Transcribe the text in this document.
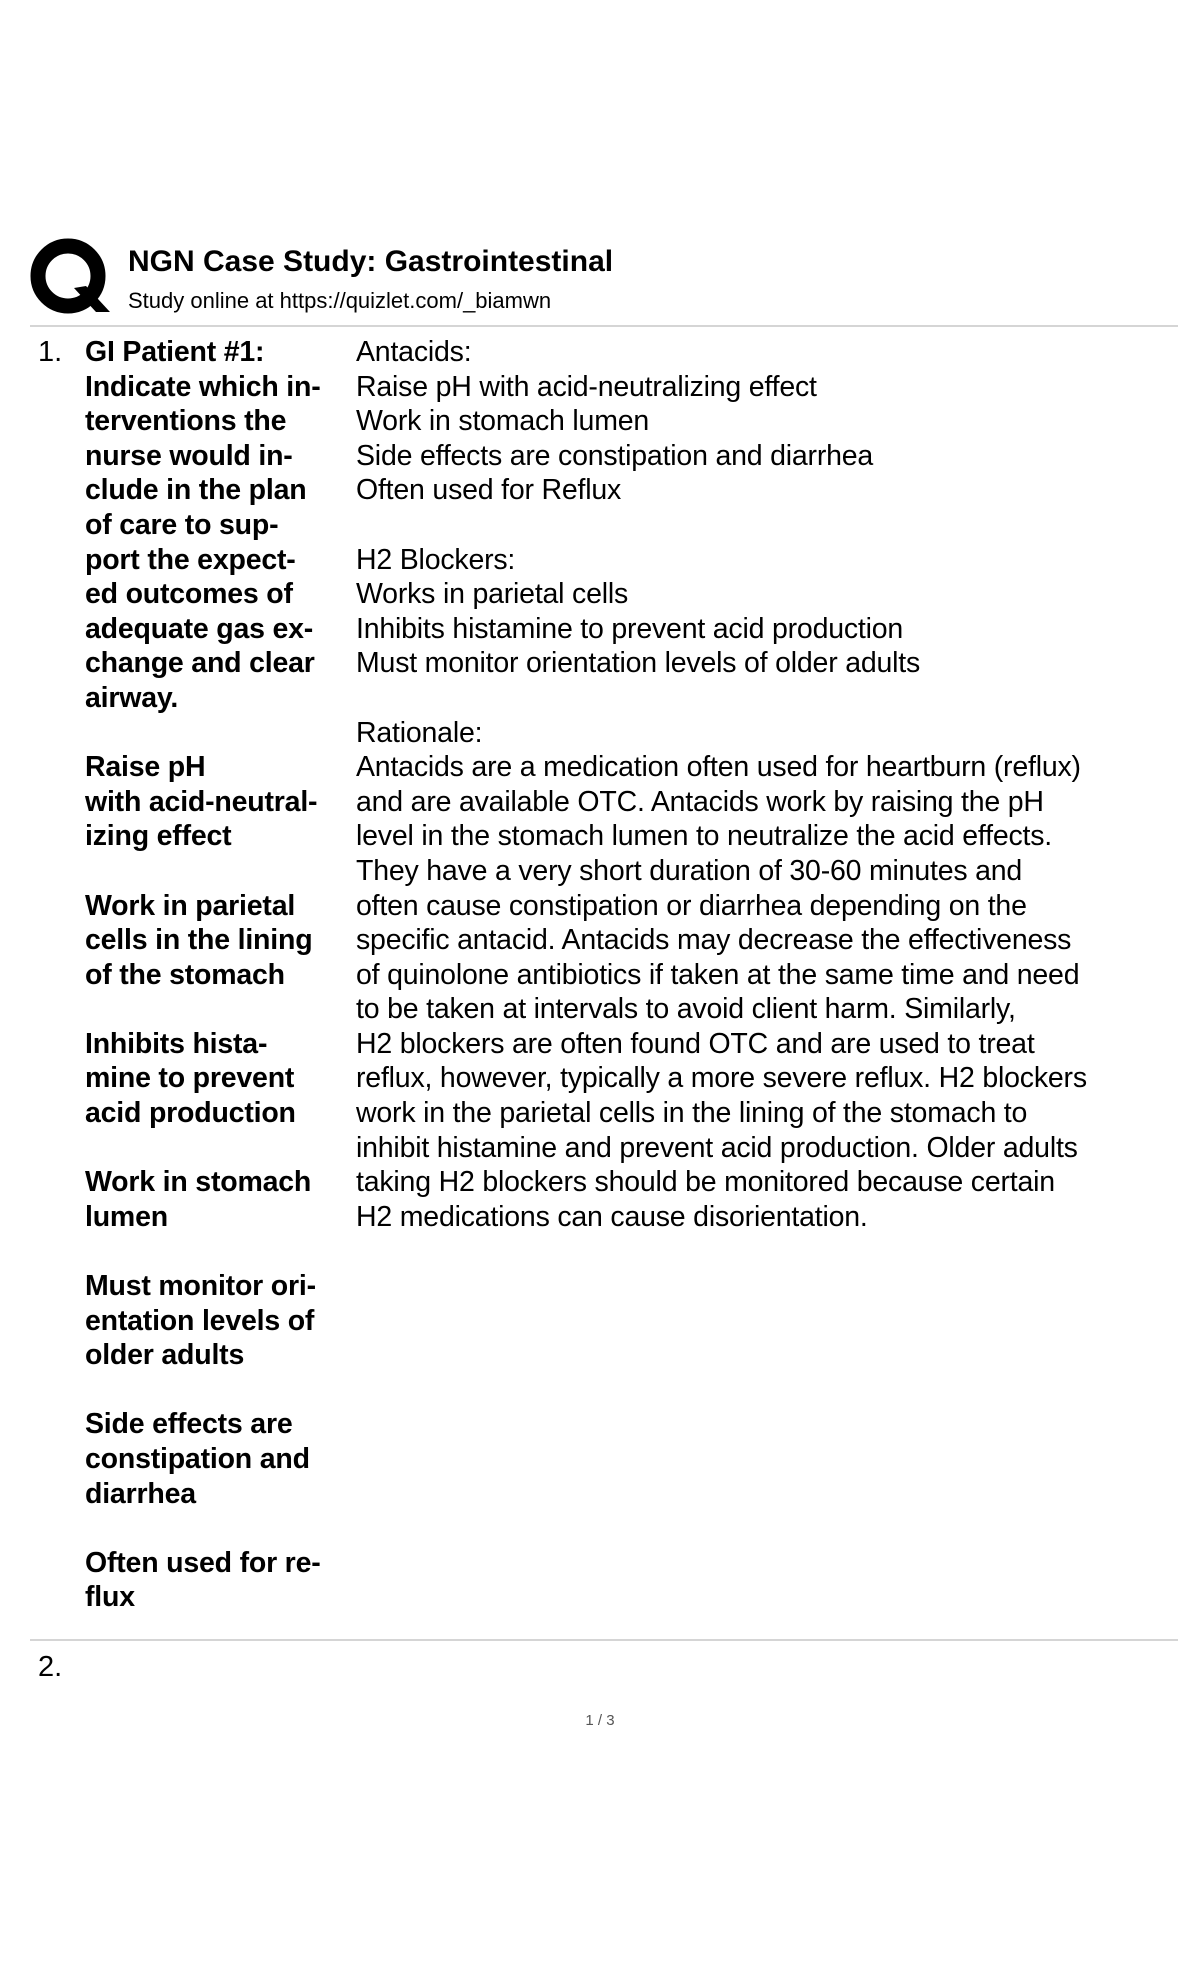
NGN Case Study: Gastrointestinal
Study online at https://quizlet.com/_biamwn
1. GI Patient #1:
Indicate which in-
terventions the
nurse would in-
clude in the plan
of care to sup-
port the expect-
ed outcomes of
adequate gas ex-
change and clear
airway.
Raise pH
with acid-neutral-
izing effect
Work in parietal
cells in the lining
of the stomach
Inhibits hista-
mine to prevent
acid production
Work in stomach
lumen
Must monitor ori-
entation levels of
older adults
Side effects are
constipation and
diarrhea
Often used for re-
flux
Antacids:
Raise pH with acid-neutralizing effect
Work in stomach lumen
Side effects are constipation and diarrhea
Often used for Reflux
H2 Blockers:
Works in parietal cells
Inhibits histamine to prevent acid production
Must monitor orientation levels of older adults
Rationale:
Antacids are a medication often used for heartburn (reflux)
and are available OTC. Antacids work by raising the pH
level in the stomach lumen to neutralize the acid effects.
They have a very short duration of 30-60 minutes and
often cause constipation or diarrhea depending on the
specific antacid. Antacids may decrease the effectiveness
of quinolone antibiotics if taken at the same time and need
to be taken at intervals to avoid client harm. Similarly,
H2 blockers are often found OTC and are used to treat
reflux, however, typically a more severe reflux. H2 blockers
work in the parietal cells in the lining of the stomach to
inhibit histamine and prevent acid production. Older adults
taking H2 blockers should be monitored because certain
H2 medications can cause disorientation.
2.
1 / 3
